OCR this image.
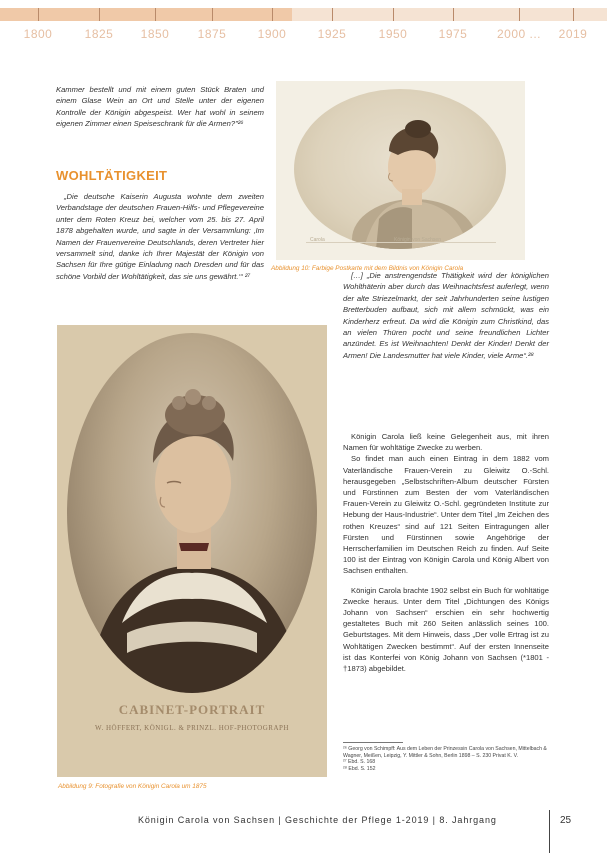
1800	1825	1850	1875	1900	1925	1950	1975	2000 ...	2019

Kammer bestellt und mit einem guten Stück Braten und einem Glase Wein an Ort und Stelle unter der eigenen Kontrolle der Königin abgespeist. Wer hat wohl in seinem eigenen Zimmer einen Speiseschrank für die Armen?"²⁶

WOHLTÄTIGKEIT

„Die deutsche Kaiserin Augusta wohnte dem zweiten Verbandstage der deutschen Frauen-Hilfs- und Pflegevereine unter dem Roten Kreuz bei, welcher vom 25. bis 27. April 1878 abgehalten wurde, und sagte in der Versammlung: ‚Im Namen der Frauenvereine Deutschlands, deren Vertreter hier versammelt sind, danke ich Ihrer Majestät der Königin von Sachsen für Ihre gütige Einladung nach Dresden und für das schöne Vorbild der Wohltätigkeit, das sie uns gewährt.‘“ ²⁷

Carola	Königin von Sachsen

Abbildung 10: Farbige Postkarte mit dem Bildnis von Königin Carola

[…] „Die anstrengendste Thätigkeit wird der königlichen Wohlthäterin aber durch das Weihnachtsfest auferlegt, wenn der alte Striezelmarkt, der seit Jahrhunderten seine lustigen Bretterbuden aufbaut, sich mit allem schmückt, was ein Kinderherz erfreut. Da wird die Königin zum Christkind, das an vielen Thüren pocht und seine freundlichen Lichter anzündet. Es ist Weihnachten! Denkt der Kinder! Denkt der Armen! Die Landesmutter hat viele Kinder, viele Arme“.²⁸

Königin Carola ließ keine Gelegenheit aus, mit ihren Namen für wohltätige Zwecke zu werben.

So findet man auch einen Eintrag in dem 1882 vom Vaterländische Frauen-Verein zu Gleiwitz O.-Schl. herausgegeben „Selbstschriften-Album deutscher Fürsten und Fürstinnen zum Besten der vom Vaterländischen Frauen-Verein zu Gleiwitz O.-Schl. gegründeten Institute zur Hebung der Haus-Industrie“. Unter dem Titel „Im Zeichen des rothen Kreuzes“ sind auf 121 Seiten Eintragungen aller Fürsten und Fürstinnen sowie Angehörige der Herrscherfamilien im Deutschen Reich zu finden. Auf Seite 100 ist der Eintrag von Königin Carola und König Albert von Sachsen enthalten.

Königin Carola brachte 1902 selbst ein Buch für wohltätige Zwecke heraus. Unter dem Titel „Dichtungen des Königs Johann von Sachsen“ erschien ein sehr hochwertig gestaltetes Buch mit 260 Seiten anlässlich seines 100. Geburtstages. Mit dem Hinweis, dass „Der volle Ertrag ist zu Wohltätigen Zwecken bestimmt“. Auf der ersten Innenseite ist das Konterfei von König Johann von Sachsen (*1801 - †1873) abgebildet.

CABINET-PORTRAIT

W. HÖFFERT, KÖNIGL. & PRINZL. HOF-PHOTOGRAPH

Abbildung 9: Fotografie von Königin Carola um 1875

²⁶ Georg von Schimpff: Aus dem Leben der Prinzessin Carola von Sachsen, Mittelbach & Wagner, Meißen, Leipzig, Y. Mittler & Sohn, Berlin 1898 – S. 230 Privat K. V.

²⁷ Ebd. S. 168

²⁸ Ebd. S. 152

Königin Carola von Sachsen | Geschichte der Pflege 1-2019 | 8. Jahrgang	25
